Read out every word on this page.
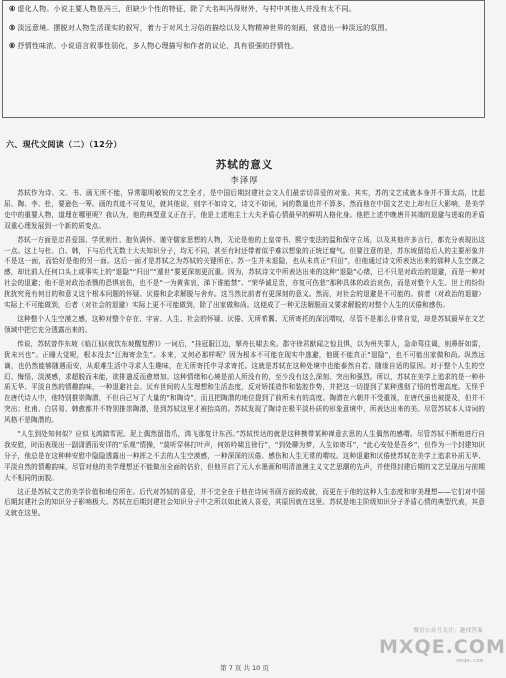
④ 虚化人物。小说主要人物是冯三，但缺少个性的特征，除了大名叫冯得财外，与村中其他人并没有太不同。
⑤ 淡远意境。摆脱对人物生活现实的叙写，着力于对风土习俗的描绘以及人物精神世界的刻画，营造出一种淡远的氛围。
⑥ 抒情性味浓。小说语言叙事性弱化，多人物心理描写和作者的议论，具有很强的抒情性。
六、现代文阅读（二）（12分）
苏轼的意义
李泽厚

苏轼作为诗、文、书、画无所不能，异常聪明敏锐的文艺全才，是中国后期封建社会文人们最亲切喜爱的对象。其实，苏的文艺成就本身并不算太高，比起屈、陶、李、杜，要逊色一筹。画的真迹不可复见，就其他说，则字不如诗文，诗文不如词，词的数量也并不算多。然而他在中国文艺史上却有巨大影响，是美学史中的重要人物，道理在哪里呢？我认为，他的典型意义正在于，他是上述地主士大夫矛盾心情最早的鲜明人格化身。他把上述中晚唐开其端的退避与进取的矛盾双重心理发展到一个新的质变点。

苏轼一方面是忠君爱国、学优则仕、抱负满怀、谨守儒家思想的人物，无论是他的上皇帝书、熙宁变法的温和保守立场，以及其他许多言行，都充分表现出这一点。这上与杜、白、韩，下与后代无数士大夫知识分子，均无不同，甚至有时还带着似乎难以想象的正统迂腐气。但要注意的是，苏东坡留给后人的主要形象并不是这一面，而恰好是他的另一面。这后一面才是苏轼之为苏轼的关键所在。苏一生并未退隐，也从未真正“归田”，但他通过诗文所表达出来的那种人生空漠之感，却比前人任何口头上或事实上的“退隐”“归田”“遁世”要更深刻更沉重。因为，苏轼诗文中所表达出来的这种“退隐”心绪，已不只是对政治的退避，而是一种对社会的退避；他不是对政治杀戮的恐惧哀伤，也不是“一为黄雀哀，涕下谁能禁”、“荣华诚足贵，亦复可伤悲”那种具体的政治哀伤，而是对整个人生、世上的纷纷扰扰究竟有何目的和意义这个根本问题的怀疑、厌倦和企求解脱与舍弃。这当然比前者有更深刻的意义。然而，对社会的退避是不可能的。前者（对政治的退避）实际上不可能做到，后者（对社会的退避）实际上更不可能做到，除了出家做和尚。这便成了一种无法解脱而又要求解脱的对整个人生的厌倦和感伤。

这种整个人生空漠之感，这种对整个存在、宇宙、人生、社会的怀疑、厌倦、无所希冀、无所寄托的深沉喟叹，尽管不是那么非常自觉，却是苏轼最早在文艺领域中把它充分透露出来的。

传说，苏轼曾作东坡《临江仙(夜饮东坡醒复醉)》一词后，“挂冠服江边，拏舟长啸去矣。郡守徐君猷闻之惊且惧，以为州失罪人，急命驾往谒，则鼻鼾如雷，犹未兴也”。正睡大觉呢，根本没去“江海寄余生”。本来，又何必那样呢？因为根本不可能在现实中逃避，他既不能真正“退隐”，也不可能出家做和尚。纵然远谪，也仍然能够随遇而安，从艰难生活中寻求人生趣味，在无所寄托中寻求寄托。这就是苏轼在这种处境中也能泰然自若、随缘自适的原因。对于整个人生的空幻、悔悟、淡漠感，求超脱而未能，欲排遣反而愈增加。这种情绪和心境是前人所没有的，至少没有这么深刻、突出和强烈。所以，苏轼在美学上追求的是一种朴质无华、平淡自然的情趣韵味，一种退避社会、厌弃世间的人生理想和生活态度，反对矫揉造作和装腔作势，并把这一切提到了某种透彻了悟的哲理高度。无怪乎在唐代诗人中，他特别推崇陶潜，不但自己写了大量的“和陶诗”，而且把陶潜的地位提到了前所未有的高度。陶潜在六朝并不受重视，在唐代虽也被提及，但并不突出；杜甫、白居易、韩愈都并不特别推崇陶潜，是到苏轼这里才被抬高的。苏轼发现了陶诗在极平淡朴质的形象意境中，所表达出来的美。尽管苏轼本人诗词的风格不是陶潜的。

“人生到处知何似？应似飞鸿踏雪泥。泥上偶然留指爪，鸿飞那复计东西。”苏轼传达的就是这种携带某种禅意玄思的人生偶然的感喟。尽管苏轼不断地进行自我安慰，时而表现出一副潇洒而安详的“乐观”情操，“莫听穿林打叶声，何妨吟啸且徐行”，“到处聊为梦，人生如寄耳”，“此心安处是吾乡”，但作为一个封建知识分子，他总是在这种种安慰中隐隐透露出一种挥之不去的人生空漠感，一种深深的厌倦、感伤和人生无常的喟叹。这种退避和厌倦使苏轼在美学上追求朴质无华、平淡自然的情趣韵味，尽管对他的美学理想还不能做出全面的估价，但他开启了元人水墨画和明清浪漫主义文艺思潮的先声，并使得封建后期的文艺呈现出与前期大不相同的面貌。

这正是苏轼文艺的美学价值和地位所在。后代对苏轼的喜爱，并不完全在于他在诗词书画方面的成就，而更在于他的这种人生态度和审美理想——它们对中国后期封建社会的知识分子影响极大。苏轼在后期封建社会知识分子中之所以如此被人喜爱，其原因就在这里。苏轼是地主阶级知识分子矛盾心情的典型代表，其意义就在这里。

微信公众号关注：趣找答案
MXQE.COM
mxqe.com
第 7 页 共 10 页
